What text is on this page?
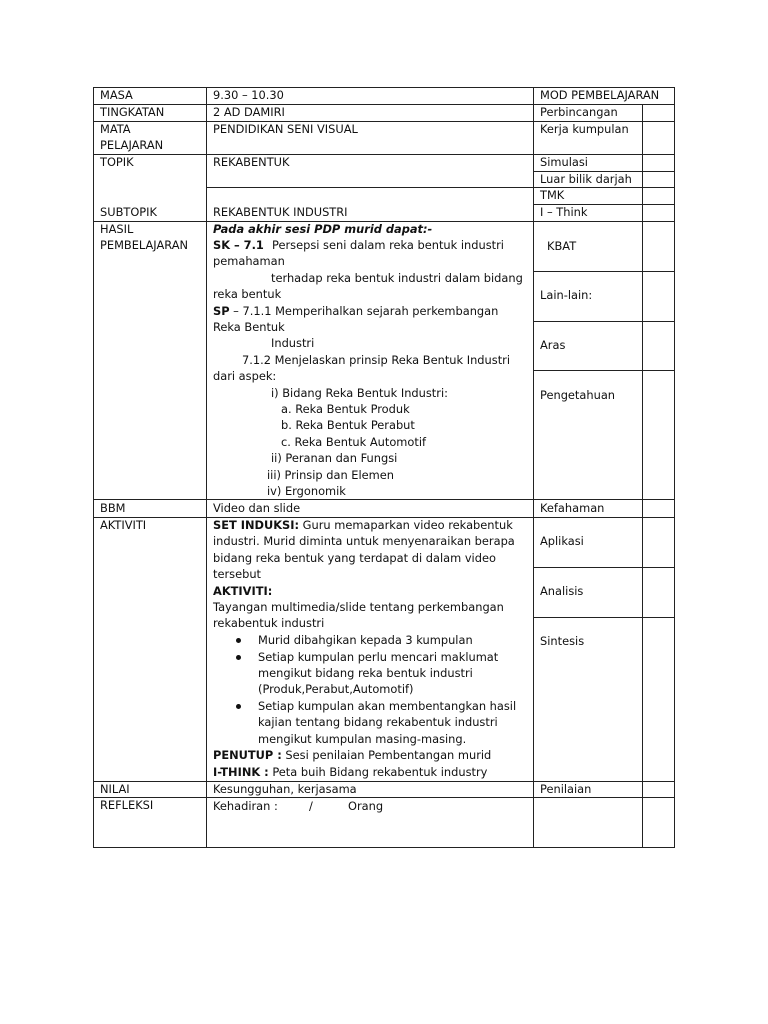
MASA
TINGKATAN
MATA
PELAJARAN
TOPIK
SUBTOPIK
HASIL
PEMBELAJARAN
BBM
AKTIVITI
NILAI
REFLEKSI
9.30 – 10.30
2 AD DAMIRI
PENDIDIKAN SENI VISUAL
REKABENTUK
REKABENTUK INDUSTRI
Pada akhir sesi PDP murid dapat:-
SK – 7.1 Persepsi seni dalam reka bentuk industri
pemahaman
terhadap reka bentuk industri dalam bidang
reka bentuk
SP – 7.1.1 Memperihalkan sejarah perkembangan
Reka Bentuk
Industri
7.1.2 Menjelaskan prinsip Reka Bentuk Industri
dari aspek:
i) Bidang Reka Bentuk Industri:
a. Reka Bentuk Produk
b. Reka Bentuk Perabut
c. Reka Bentuk Automotif
ii) Peranan dan Fungsi
iii) Prinsip dan Elemen
iv) Ergonomik
Video dan slide
SET INDUKSI: Guru memaparkan video rekabentuk
industri. Murid diminta untuk menyenaraikan berapa
bidang reka bentuk yang terdapat di dalam video
tersebut
AKTIVITI:
Tayangan multimedia/slide tentang perkembangan
rekabentuk industri
Murid dibahgikan kepada 3 kumpulan
Setiap kumpulan perlu mencari maklumat
mengikut bidang reka bentuk industri
(Produk,Perabut,Automotif)
Setiap kumpulan akan membentangkan hasil
kajian tentang bidang rekabentuk industri
mengikut kumpulan masing-masing.
PENUTUP : Sesi penilaian Pembentangan murid
I-THINK : Peta buih Bidang rekabentuk industry
Kesungguhan, kerjasama
Kehadiran :	/	Orang
MOD PEMBELAJARAN
Perbincangan
Kerja kumpulan
Simulasi
Luar bilik darjah
TMK
I – Think
KBAT
Lain-lain:
Aras
Pengetahuan
Kefahaman
Aplikasi
Analisis
Sintesis
Penilaian
